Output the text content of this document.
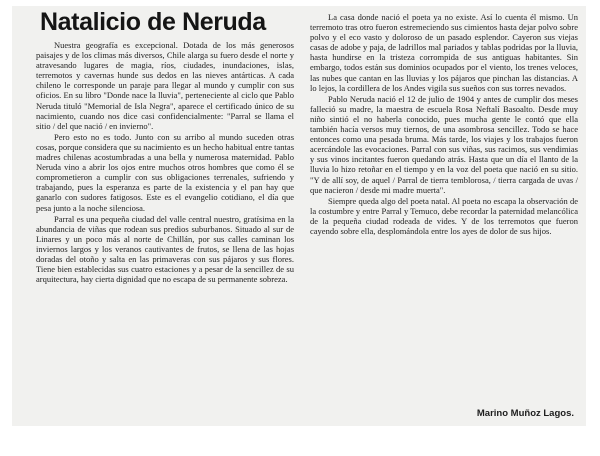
Natalicio de Neruda

Nuestra geografía es excepcional. Dotada de los más generosos paisajes y de los climas más diversos, Chile alarga su fuero desde el norte y atravesando lugares de magia, ríos, ciudades, inundaciones, islas, terremotos y cavernas hunde sus dedos en las nieves antárticas. A cada chileno le corresponde un paraje para llegar al mundo y cumplir con sus oficios. En su libro "Donde nace la lluvia", perteneciente al ciclo que Pablo Neruda tituló "Memorial de Isla Negra", aparece el certificado único de su nacimiento, cuando nos dice casi confidencialmente: "Parral se llama el sitio / del que nació / en invierno".

Pero esto no es todo. Junto con su arribo al mundo suceden otras cosas, porque considera que su nacimiento es un hecho habitual entre tantas madres chilenas acostumbradas a una bella y numerosa maternidad. Pablo Neruda vino a abrir los ojos entre muchos otros hombres que como él se comprometieron a cumplir con sus obligaciones terrenales, sufriendo y trabajando, pues la esperanza es parte de la existencia y el pan hay que ganarlo con sudores fatigosos. Este es el evangelio cotidiano, el día que pesa junto a la noche silenciosa.

Parral es una pequeña ciudad del valle central nuestro, gratísima en la abundancia de viñas que rodean sus predios suburbanos. Situado al sur de Linares y un poco más al norte de Chillán, por sus calles caminan los inviernos largos y los veranos cautivantes de frutos, se llena de las hojas doradas del otoño y salta en las primaveras con sus pájaros y sus flores. Tiene bien establecidas sus cuatro estaciones y a pesar de la sencillez de su arquitectura, hay cierta dignidad que no escapa de su permanente sobreza.

La casa donde nació el poeta ya no existe. Así lo cuenta él mismo. Un terremoto tras otro fueron estremeciendo sus cimientos hasta dejar polvo sobre polvo y el eco vasto y doloroso de un pasado esplendor. Cayeron sus viejas casas de adobe y paja, de ladrillos mal pariados y tablas podridas por la lluvia, hasta hundirse en la tristeza corrompida de sus antiguas habitantes. Sin embargo, todos están sus dominios ocupados por el viento, los trenes veloces, las nubes que cantan en las lluvias y los pájaros que pinchan las distancias. A lo lejos, la cordillera de los Andes vigila sus sueños con sus torres nevados.

Pablo Neruda nació el 12 de julio de 1904 y antes de cumplir dos meses falleció su madre, la maestra de escuela Rosa Neftalí Basoalto. Desde muy niño sintió el no haberla conocido, pues mucha gente le contó que ella también hacía versos muy tiernos, de una asombrosa sencillez. Todo se hace entonces como una pesada bruma. Más tarde, los viajes y los trabajos fueron acercándole las evocaciones. Parral con sus viñas, sus racimos, sus vendimias y sus vinos incitantes fueron quedando atrás. Hasta que un día el llanto de la lluvia lo hizo retoñar en el tiempo y en la voz del poeta que nació en su sitio. "Y de allí soy, de aquel / Parral de tierra temblorosa, / tierra cargada de uvas / que nacieron / desde mi madre muerta".

Siempre queda algo del poeta natal. Al poeta no escapa la observación de la costumbre y entre Parral y Temuco, debe recordar la paternidad melancólica de la pequeña ciudad rodeada de vides. Y de los terremotos que fueron cayendo sobre ella, desplomándola entre los ayes de dolor de sus hijos.

Marino Muñoz Lagos.
